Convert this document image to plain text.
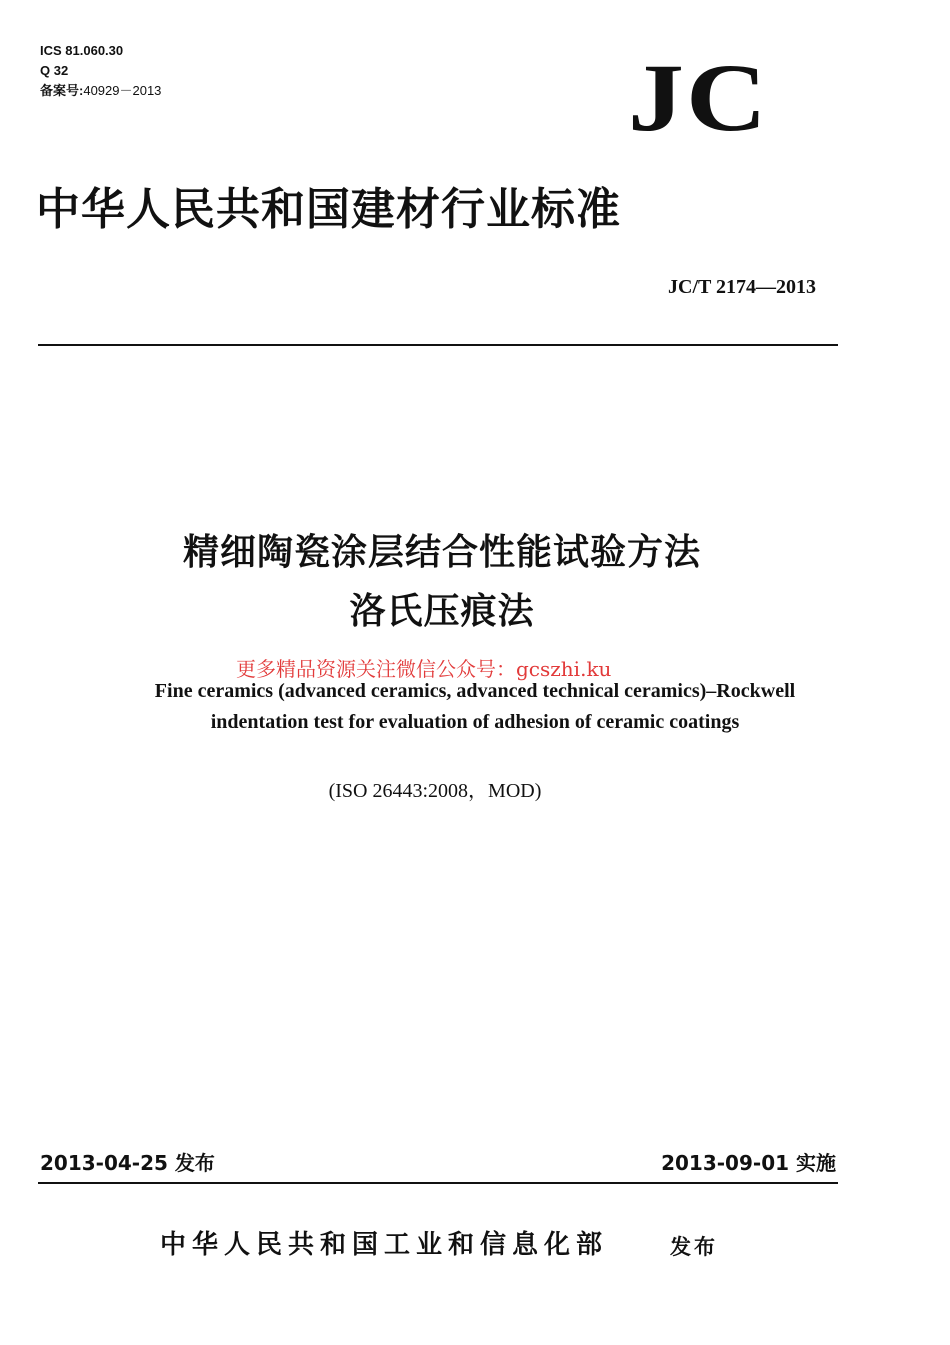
ICS 81.060.30
Q 32
备案号:40929－2013	JC
中华人民共和国建材行业标准
JC/T 2174—2013
精细陶瓷涂层结合性能试验方法
洛氏压痕法
更多精品资源关注微信公众号：gcszhi.ku
Fine ceramics (advanced ceramics, advanced technical ceramics)–Rockwell
indentation test for evaluation of adhesion of ceramic coatings
(ISO 26443:2008，MOD)
2013-04-25 发布	2013-09-01 实施
中华人民共和国工业和信息化部	发布
